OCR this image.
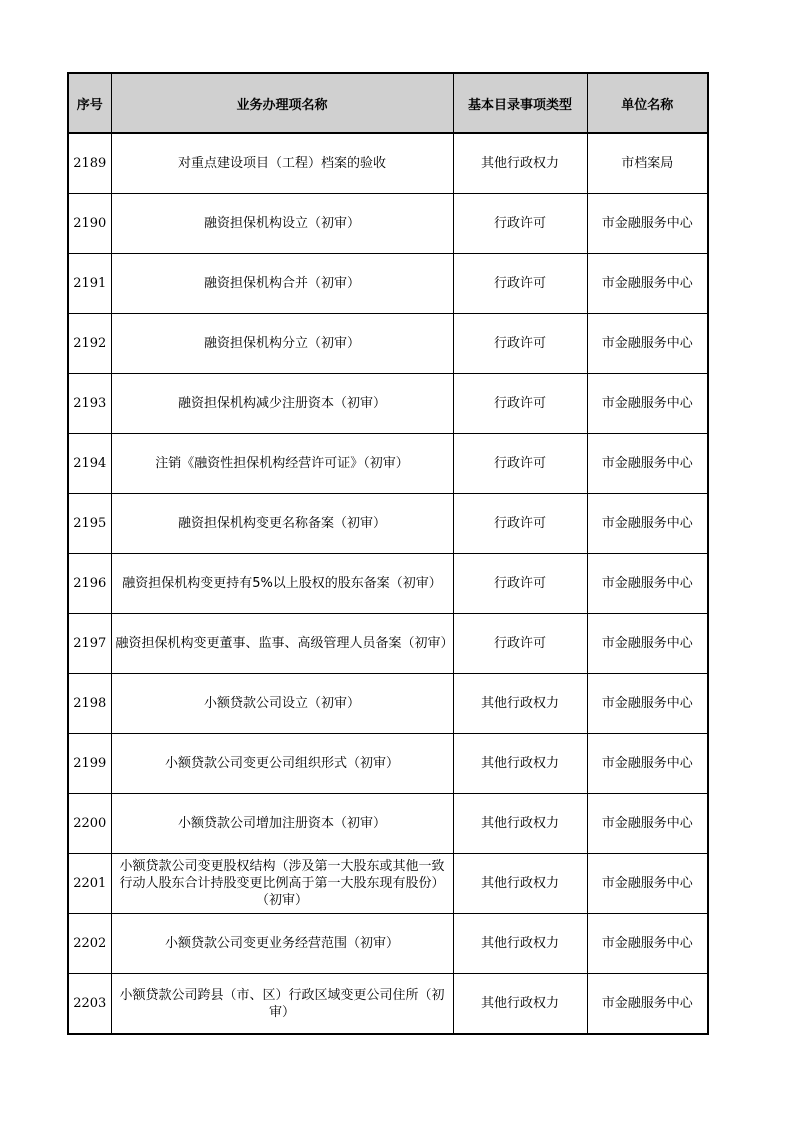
序号	业务办理项名称	基本目录事项类型	单位名称
2189	对重点建设项目（工程）档案的验收	其他行政权力	市档案局
2190	融资担保机构设立（初审）	行政许可	市金融服务中心
2191	融资担保机构合并（初审）	行政许可	市金融服务中心
2192	融资担保机构分立（初审）	行政许可	市金融服务中心
2193	融资担保机构减少注册资本（初审）	行政许可	市金融服务中心
2194	注销《融资性担保机构经营许可证》（初审）	行政许可	市金融服务中心
2195	融资担保机构变更名称备案（初审）	行政许可	市金融服务中心
2196	融资担保机构变更持有5%以上股权的股东备案（初审）	行政许可	市金融服务中心
2197	融资担保机构变更董事、监事、高级管理人员备案（初审）	行政许可	市金融服务中心
2198	小额贷款公司设立（初审）	其他行政权力	市金融服务中心
2199	小额贷款公司变更公司组织形式（初审）	其他行政权力	市金融服务中心
2200	小额贷款公司增加注册资本（初审）	其他行政权力	市金融服务中心
2201	小额贷款公司变更股权结构（涉及第一大股东或其他一致行动人股东合计持股变更比例高于第一大股东现有股份）（初审）	其他行政权力	市金融服务中心
2202	小额贷款公司变更业务经营范围（初审）	其他行政权力	市金融服务中心
2203	小额贷款公司跨县（市、区）行政区域变更公司住所（初审）	其他行政权力	市金融服务中心
